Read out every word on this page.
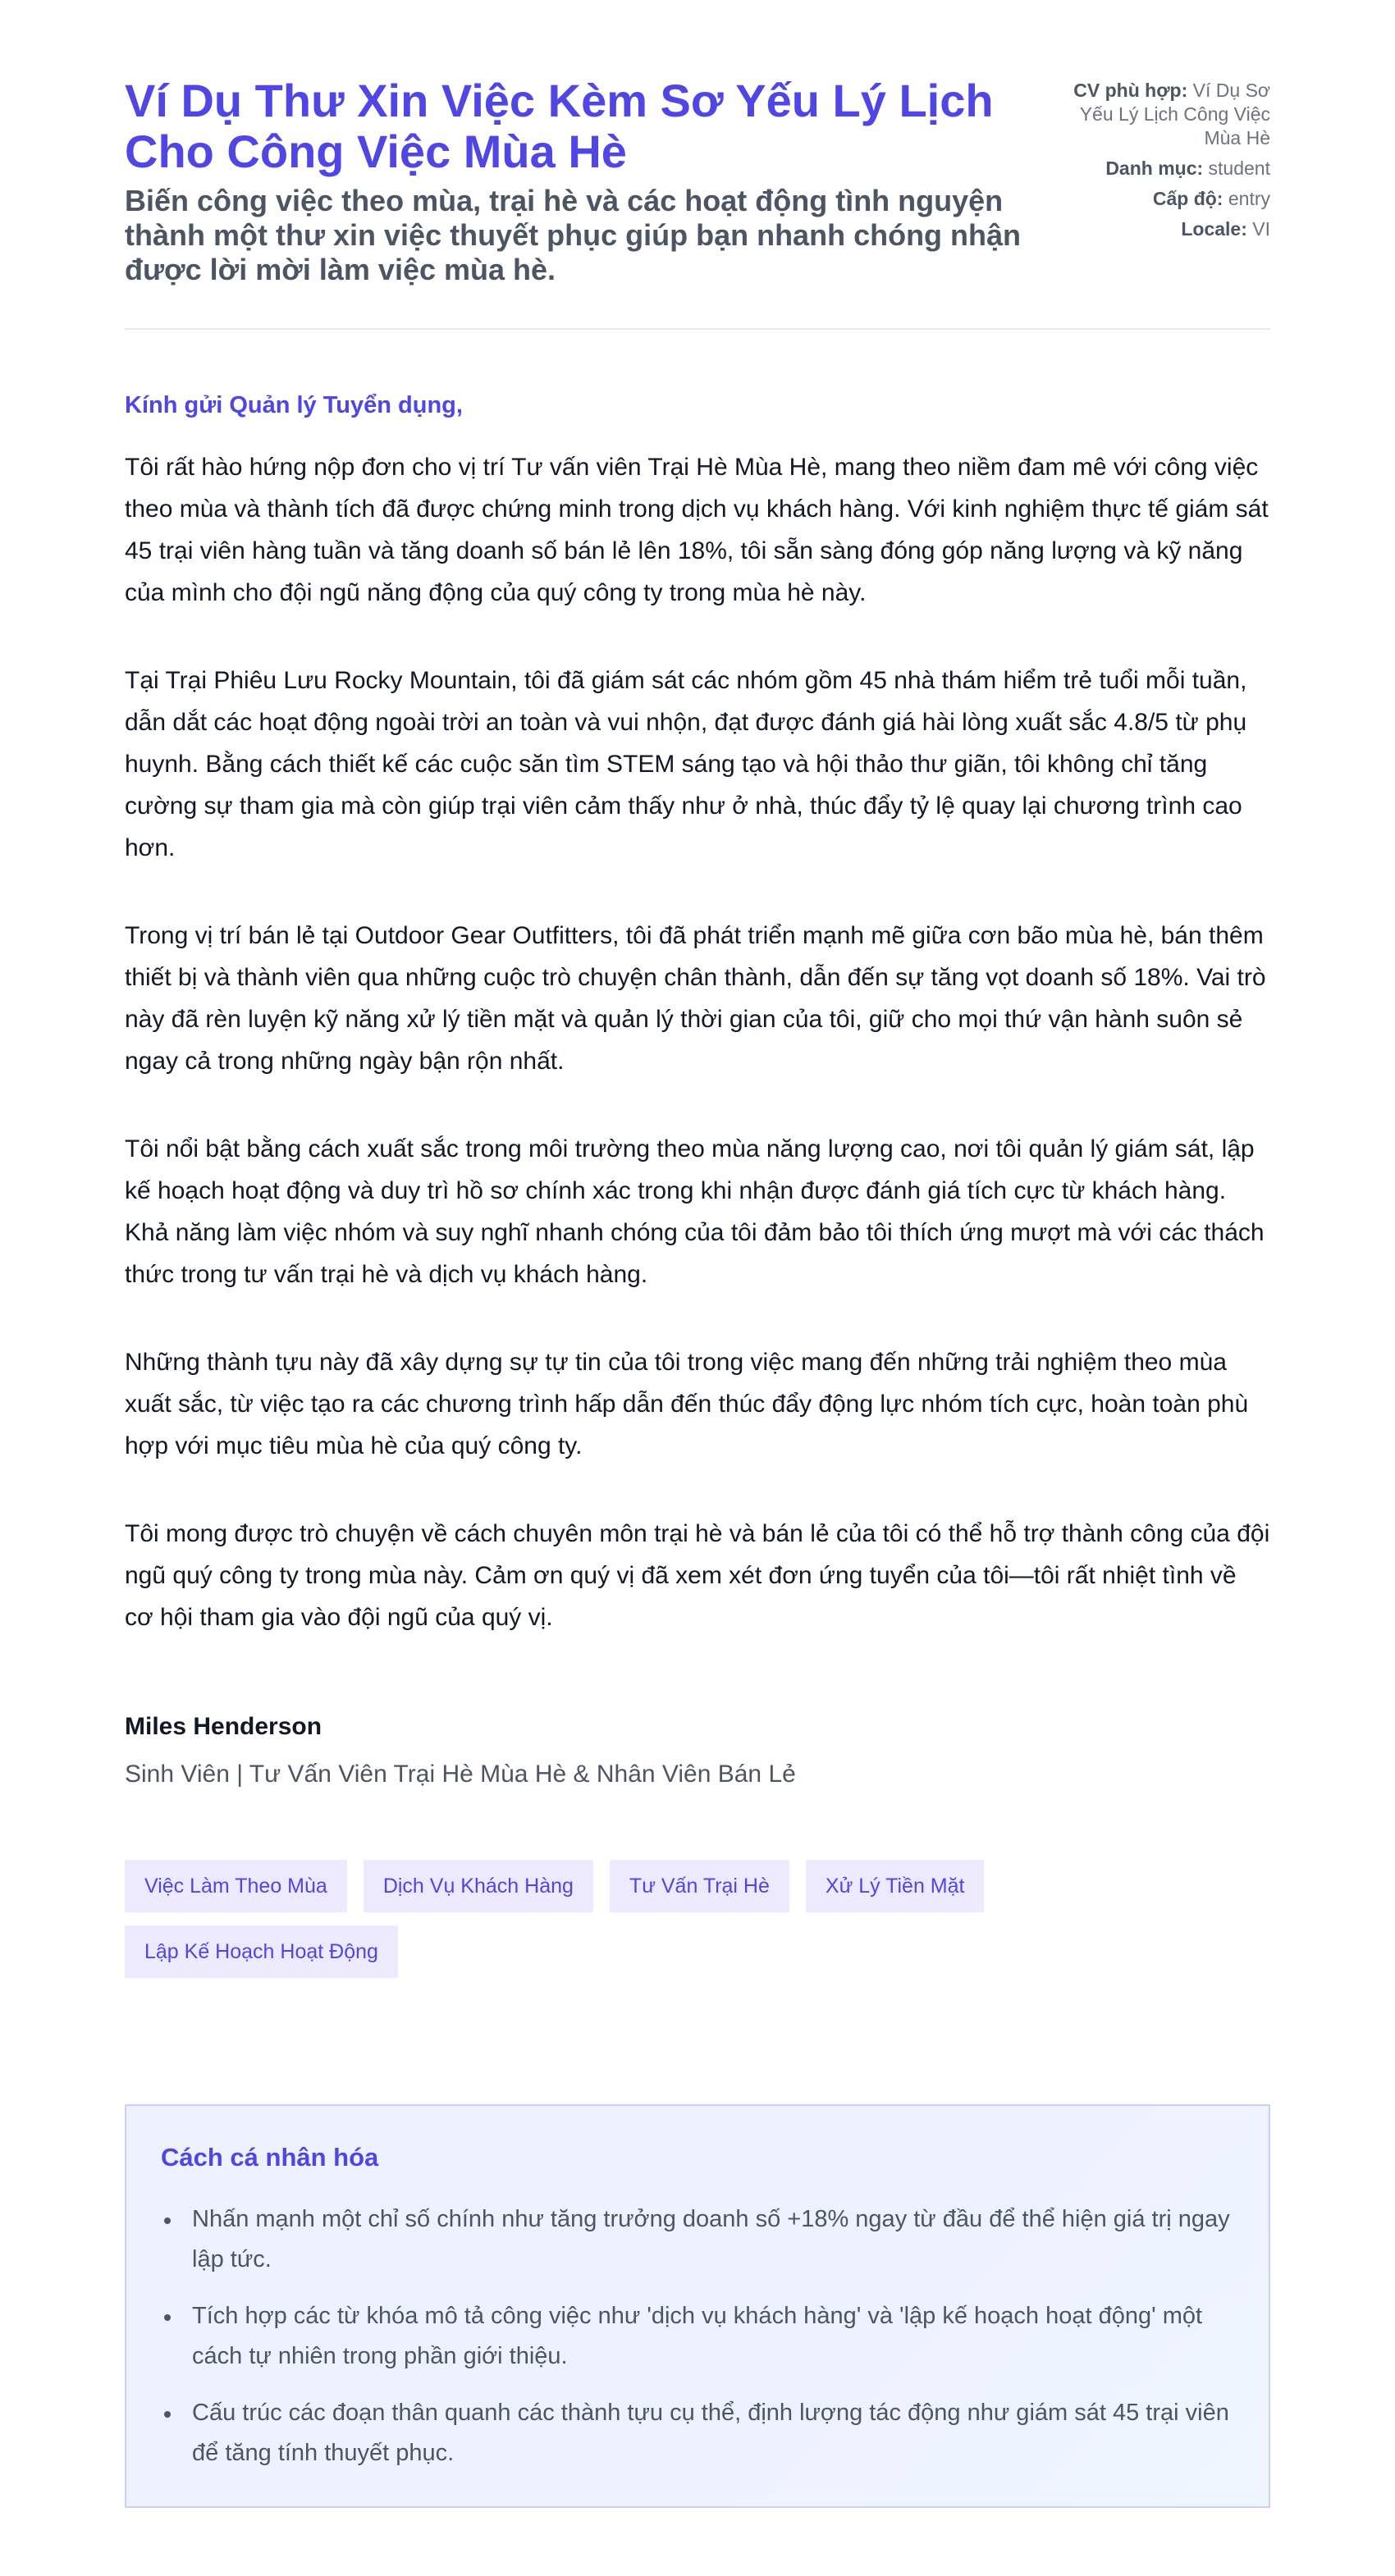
Ví Dụ Thư Xin Việc Kèm Sơ Yếu Lý Lịch Cho Công Việc Mùa Hè
Biến công việc theo mùa, trại hè và các hoạt động tình nguyện thành một thư xin việc thuyết phục giúp bạn nhanh chóng nhận được lời mời làm việc mùa hè.
CV phù hợp: Ví Dụ Sơ Yếu Lý Lịch Công Việc Mùa Hè
Danh mục: student
Cấp độ: entry
Locale: VI
Kính gửi Quản lý Tuyển dụng,

Tôi rất hào hứng nộp đơn cho vị trí Tư vấn viên Trại Hè Mùa Hè, mang theo niềm đam mê với công việc theo mùa và thành tích đã được chứng minh trong dịch vụ khách hàng. Với kinh nghiệm thực tế giám sát 45 trại viên hàng tuần và tăng doanh số bán lẻ lên 18%, tôi sẵn sàng đóng góp năng lượng và kỹ năng của mình cho đội ngũ năng động của quý công ty trong mùa hè này.

Tại Trại Phiêu Lưu Rocky Mountain, tôi đã giám sát các nhóm gồm 45 nhà thám hiểm trẻ tuổi mỗi tuần, dẫn dắt các hoạt động ngoài trời an toàn và vui nhộn, đạt được đánh giá hài lòng xuất sắc 4.8/5 từ phụ huynh. Bằng cách thiết kế các cuộc săn tìm STEM sáng tạo và hội thảo thư giãn, tôi không chỉ tăng cường sự tham gia mà còn giúp trại viên cảm thấy như ở nhà, thúc đẩy tỷ lệ quay lại chương trình cao hơn.

Trong vị trí bán lẻ tại Outdoor Gear Outfitters, tôi đã phát triển mạnh mẽ giữa cơn bão mùa hè, bán thêm thiết bị và thành viên qua những cuộc trò chuyện chân thành, dẫn đến sự tăng vọt doanh số 18%. Vai trò này đã rèn luyện kỹ năng xử lý tiền mặt và quản lý thời gian của tôi, giữ cho mọi thứ vận hành suôn sẻ ngay cả trong những ngày bận rộn nhất.

Tôi nổi bật bằng cách xuất sắc trong môi trường theo mùa năng lượng cao, nơi tôi quản lý giám sát, lập kế hoạch hoạt động và duy trì hồ sơ chính xác trong khi nhận được đánh giá tích cực từ khách hàng. Khả năng làm việc nhóm và suy nghĩ nhanh chóng của tôi đảm bảo tôi thích ứng mượt mà với các thách thức trong tư vấn trại hè và dịch vụ khách hàng.

Những thành tựu này đã xây dựng sự tự tin của tôi trong việc mang đến những trải nghiệm theo mùa xuất sắc, từ việc tạo ra các chương trình hấp dẫn đến thúc đẩy động lực nhóm tích cực, hoàn toàn phù hợp với mục tiêu mùa hè của quý công ty.

Tôi mong được trò chuyện về cách chuyên môn trại hè và bán lẻ của tôi có thể hỗ trợ thành công của đội ngũ quý công ty trong mùa này. Cảm ơn quý vị đã xem xét đơn ứng tuyển của tôi—tôi rất nhiệt tình về cơ hội tham gia vào đội ngũ của quý vị.

Miles Henderson
Sinh Viên | Tư Vấn Viên Trại Hè Mùa Hè & Nhân Viên Bán Lẻ
Việc Làm Theo Mùa	Dịch Vụ Khách Hàng	Tư Vấn Trại Hè	Xử Lý Tiền Mặt
Lập Kế Hoạch Hoạt Động
Cách cá nhân hóa
Nhấn mạnh một chỉ số chính như tăng trưởng doanh số +18% ngay từ đầu để thể hiện giá trị ngay lập tức.
Tích hợp các từ khóa mô tả công việc như 'dịch vụ khách hàng' và 'lập kế hoạch hoạt động' một cách tự nhiên trong phần giới thiệu.
Cấu trúc các đoạn thân quanh các thành tựu cụ thể, định lượng tác động như giám sát 45 trại viên để tăng tính thuyết phục.
